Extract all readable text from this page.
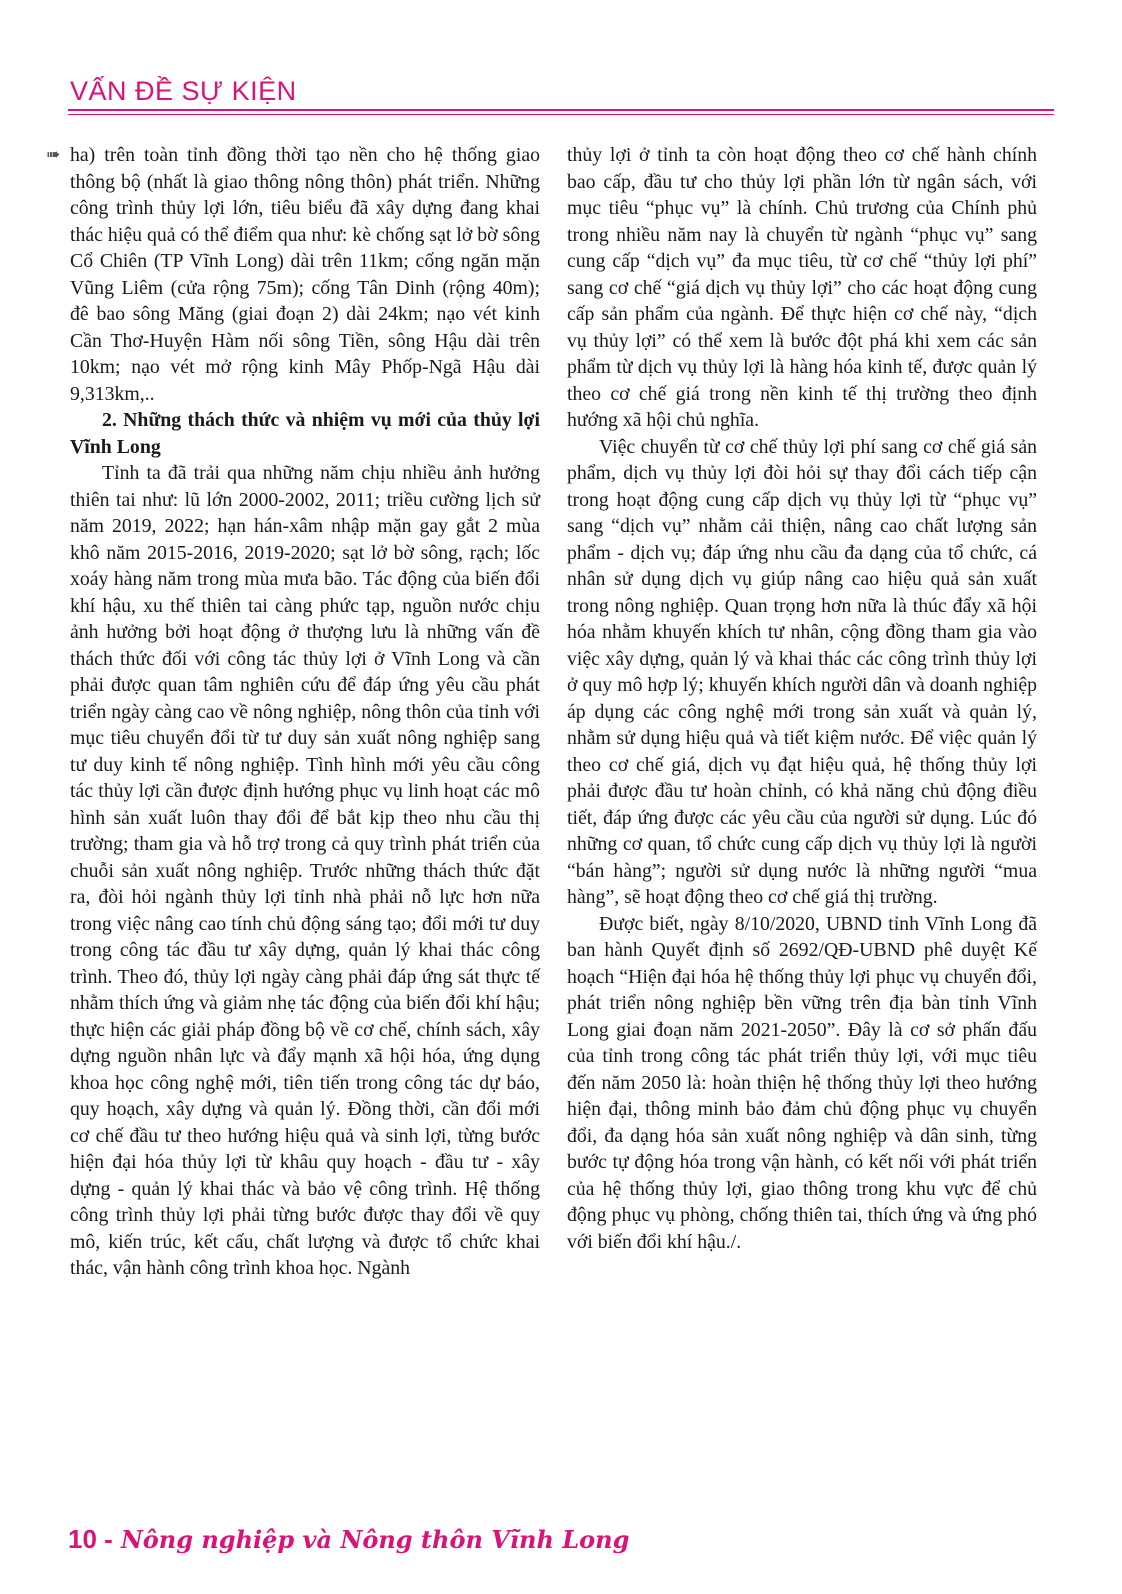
VẤN ĐỀ SỰ KIỆN
➠ ha) trên toàn tỉnh đồng thời tạo nền cho hệ thống giao thông bộ (nhất là giao thông nông thôn) phát triển. Những công trình thủy lợi lớn, tiêu biểu đã xây dựng đang khai thác hiệu quả có thể điểm qua như: kè chống sạt lở bờ sông Cổ Chiên (TP Vĩnh Long) dài trên 11km; cống ngăn mặn Vũng Liêm (cửa rộng 75m); cống Tân Dinh (rộng 40m); đê bao sông Măng (giai đoạn 2) dài 24km; nạo vét kinh Cần Thơ-Huyện Hàm nối sông Tiền, sông Hậu dài trên 10km; nạo vét mở rộng kinh Mây Phốp-Ngã Hậu dài 9,313km,..

2. Những thách thức và nhiệm vụ mới của thủy lợi Vĩnh Long

Tỉnh ta đã trải qua những năm chịu nhiều ảnh hưởng thiên tai như: lũ lớn 2000-2002, 2011; triều cường lịch sử năm 2019, 2022; hạn hán-xâm nhập mặn gay gắt 2 mùa khô năm 2015-2016, 2019-2020; sạt lở bờ sông, rạch; lốc xoáy hàng năm trong mùa mưa bão. Tác động của biến đổi khí hậu, xu thế thiên tai càng phức tạp, nguồn nước chịu ảnh hưởng bởi hoạt động ở thượng lưu là những vấn đề thách thức đối với công tác thủy lợi ở Vĩnh Long và cần phải được quan tâm nghiên cứu để đáp ứng yêu cầu phát triển ngày càng cao về nông nghiệp, nông thôn của tỉnh với mục tiêu chuyển đổi từ tư duy sản xuất nông nghiệp sang tư duy kinh tế nông nghiệp. Tình hình mới yêu cầu công tác thủy lợi cần được định hướng phục vụ linh hoạt các mô hình sản xuất luôn thay đổi để bắt kịp theo nhu cầu thị trường; tham gia và hỗ trợ trong cả quy trình phát triển của chuỗi sản xuất nông nghiệp. Trước những thách thức đặt ra, đòi hỏi ngành thủy lợi tỉnh nhà phải nỗ lực hơn nữa trong việc nâng cao tính chủ động sáng tạo; đổi mới tư duy trong công tác đầu tư xây dựng, quản lý khai thác công trình. Theo đó, thủy lợi ngày càng phải đáp ứng sát thực tế nhằm thích ứng và giảm nhẹ tác động của biến đổi khí hậu; thực hiện các giải pháp đồng bộ về cơ chế, chính sách, xây dựng nguồn nhân lực và đẩy mạnh xã hội hóa, ứng dụng khoa học công nghệ mới, tiên tiến trong công tác dự báo, quy hoạch, xây dựng và quản lý. Đồng thời, cần đổi mới cơ chế đầu tư theo hướng hiệu quả và sinh lợi, từng bước hiện đại hóa thủy lợi từ khâu quy hoạch - đầu tư - xây dựng - quản lý khai thác và bảo vệ công trình. Hệ thống công trình thủy lợi phải từng bước được thay đổi về quy mô, kiến trúc, kết cấu, chất lượng và được tổ chức khai thác, vận hành công trình khoa học. Ngành

thủy lợi ở tỉnh ta còn hoạt động theo cơ chế hành chính bao cấp, đầu tư cho thủy lợi phần lớn từ ngân sách, với mục tiêu “phục vụ” là chính. Chủ trương của Chính phủ trong nhiều năm nay là chuyển từ ngành “phục vụ” sang cung cấp “dịch vụ” đa mục tiêu, từ cơ chế “thủy lợi phí” sang cơ chế “giá dịch vụ thủy lợi” cho các hoạt động cung cấp sản phẩm của ngành. Để thực hiện cơ chế này, “dịch vụ thủy lợi” có thể xem là bước đột phá khi xem các sản phẩm từ dịch vụ thủy lợi là hàng hóa kinh tế, được quản lý theo cơ chế giá trong nền kinh tế thị trường theo định hướng xã hội chủ nghĩa.

Việc chuyển từ cơ chế thủy lợi phí sang cơ chế giá sản phẩm, dịch vụ thủy lợi đòi hỏi sự thay đổi cách tiếp cận trong hoạt động cung cấp dịch vụ thủy lợi từ “phục vụ” sang “dịch vụ” nhằm cải thiện, nâng cao chất lượng sản phẩm - dịch vụ; đáp ứng nhu cầu đa dạng của tổ chức, cá nhân sử dụng dịch vụ giúp nâng cao hiệu quả sản xuất trong nông nghiệp. Quan trọng hơn nữa là thúc đẩy xã hội hóa nhằm khuyến khích tư nhân, cộng đồng tham gia vào việc xây dựng, quản lý và khai thác các công trình thủy lợi ở quy mô hợp lý; khuyến khích người dân và doanh nghiệp áp dụng các công nghệ mới trong sản xuất và quản lý, nhằm sử dụng hiệu quả và tiết kiệm nước. Để việc quản lý theo cơ chế giá, dịch vụ đạt hiệu quả, hệ thống thủy lợi phải được đầu tư hoàn chỉnh, có khả năng chủ động điều tiết, đáp ứng được các yêu cầu của người sử dụng. Lúc đó những cơ quan, tổ chức cung cấp dịch vụ thủy lợi là người “bán hàng”; người sử dụng nước là những người “mua hàng”, sẽ hoạt động theo cơ chế giá thị trường.

Được biết, ngày 8/10/2020, UBND tỉnh Vĩnh Long đã ban hành Quyết định số 2692/QĐ-UBND phê duyệt Kế hoạch “Hiện đại hóa hệ thống thủy lợi phục vụ chuyển đổi, phát triển nông nghiệp bền vững trên địa bàn tỉnh Vĩnh Long giai đoạn năm 2021-2050”. Đây là cơ sở phấn đấu của tỉnh trong công tác phát triển thủy lợi, với mục tiêu đến năm 2050 là: hoàn thiện hệ thống thủy lợi theo hướng hiện đại, thông minh bảo đảm chủ động phục vụ chuyển đổi, đa dạng hóa sản xuất nông nghiệp và dân sinh, từng bước tự động hóa trong vận hành, có kết nối với phát triển của hệ thống thủy lợi, giao thông trong khu vực để chủ động phục vụ phòng, chống thiên tai, thích ứng và ứng phó với biến đổi khí hậu./.

10 - Nông nghiệp và Nông thôn Vĩnh Long
